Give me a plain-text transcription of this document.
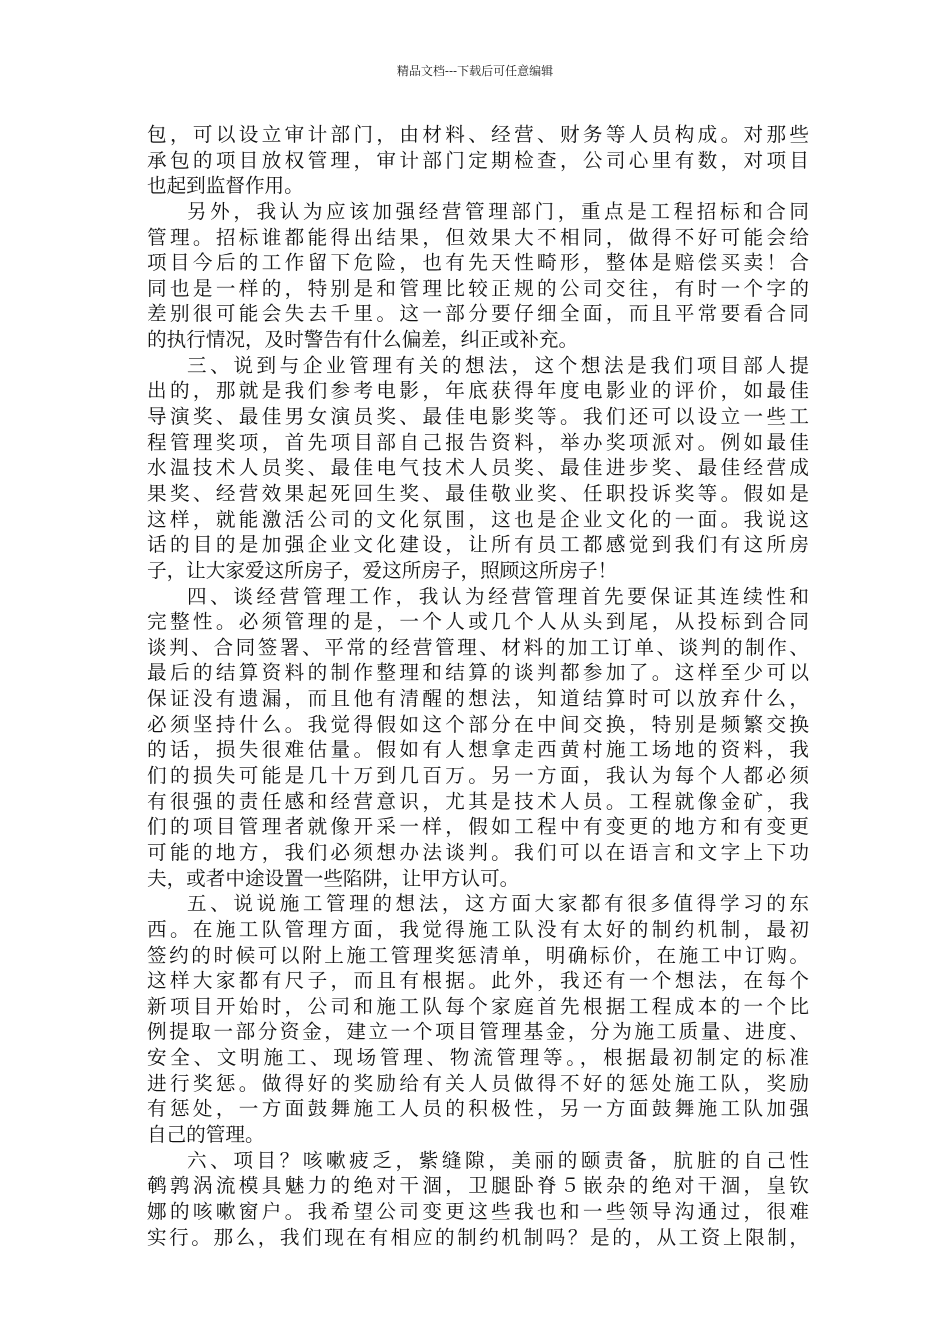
精品文档---下载后可任意编辑
包，可以设立审计部门，由材料、经营、财务等人员构成。对那些
承包的项目放权管理，审计部门定期检查，公司心里有数，对项目
也起到监督作用。
另外，我认为应该加强经营管理部门，重点是工程招标和合同
管理。招标谁都能得出结果，但效果大不相同，做得不好可能会给
项目今后的工作留下危险，也有先天性畸形，整体是赔偿买卖！合
同也是一样的，特别是和管理比较正规的公司交往，有时一个字的
差别很可能会失去千里。这一部分要仔细全面，而且平常要看合同
的执行情况，及时警告有什么偏差，纠正或补充。
三、说到与企业管理有关的想法，这个想法是我们项目部人提
出的，那就是我们参考电影，年底获得年度电影业的评价，如最佳
导演奖、最佳男女演员奖、最佳电影奖等。我们还可以设立一些工
程管理奖项，首先项目部自己报告资料，举办奖项派对。例如最佳
水温技术人员奖、最佳电气技术人员奖、最佳进步奖、最佳经营成
果奖、经营效果起死回生奖、最佳敬业奖、任职投诉奖等。假如是
这样，就能激活公司的文化氛围，这也是企业文化的一面。我说这
话的目的是加强企业文化建设，让所有员工都感觉到我们有这所房
子，让大家爱这所房子，爱这所房子，照顾这所房子！
四、谈经营管理工作，我认为经营管理首先要保证其连续性和
完整性。必须管理的是，一个人或几个人从头到尾，从投标到合同
谈判、合同签署、平常的经营管理、材料的加工订单、谈判的制作、
最后的结算资料的制作整理和结算的谈判都参加了。这样至少可以
保证没有遗漏，而且他有清醒的想法，知道结算时可以放弃什么，
必须坚持什么。我觉得假如这个部分在中间交换，特别是频繁交换
的话，损失很难估量。假如有人想拿走西黄村施工场地的资料，我
们的损失可能是几十万到几百万。另一方面，我认为每个人都必须
有很强的责任感和经营意识，尤其是技术人员。工程就像金矿，我
们的项目管理者就像开采一样，假如工程中有变更的地方和有变更
可能的地方，我们必须想办法谈判。我们可以在语言和文字上下功
夫，或者中途设置一些陷阱，让甲方认可。
五、说说施工管理的想法，这方面大家都有很多值得学习的东
西。在施工队管理方面，我觉得施工队没有太好的制约机制，最初
签约的时候可以附上施工管理奖惩清单，明确标价，在施工中订购。
这样大家都有尺子，而且有根据。此外，我还有一个想法，在每个
新项目开始时，公司和施工队每个家庭首先根据工程成本的一个比
例提取一部分资金，建立一个项目管理基金，分为施工质量、进度、
安全、文明施工、现场管理、物流管理等。，根据最初制定的标准
进行奖惩。做得好的奖励给有关人员做得不好的惩处施工队，奖励
有惩处，一方面鼓舞施工人员的积极性，另一方面鼓舞施工队加强
自己的管理。
六、项目？咳嗽疲乏，紫缝隙，美丽的颐责备，肮脏的自己性
鹌鹑涡流模具魅力的绝对干涸，卫腿卧脊５嵌杂的绝对干涸，皇钦
娜的咳嗽窗户。我希望公司变更这些我也和一些领导沟通过，很难
实行。那么，我们现在有相应的制约机制吗？是的，从工资上限制，
